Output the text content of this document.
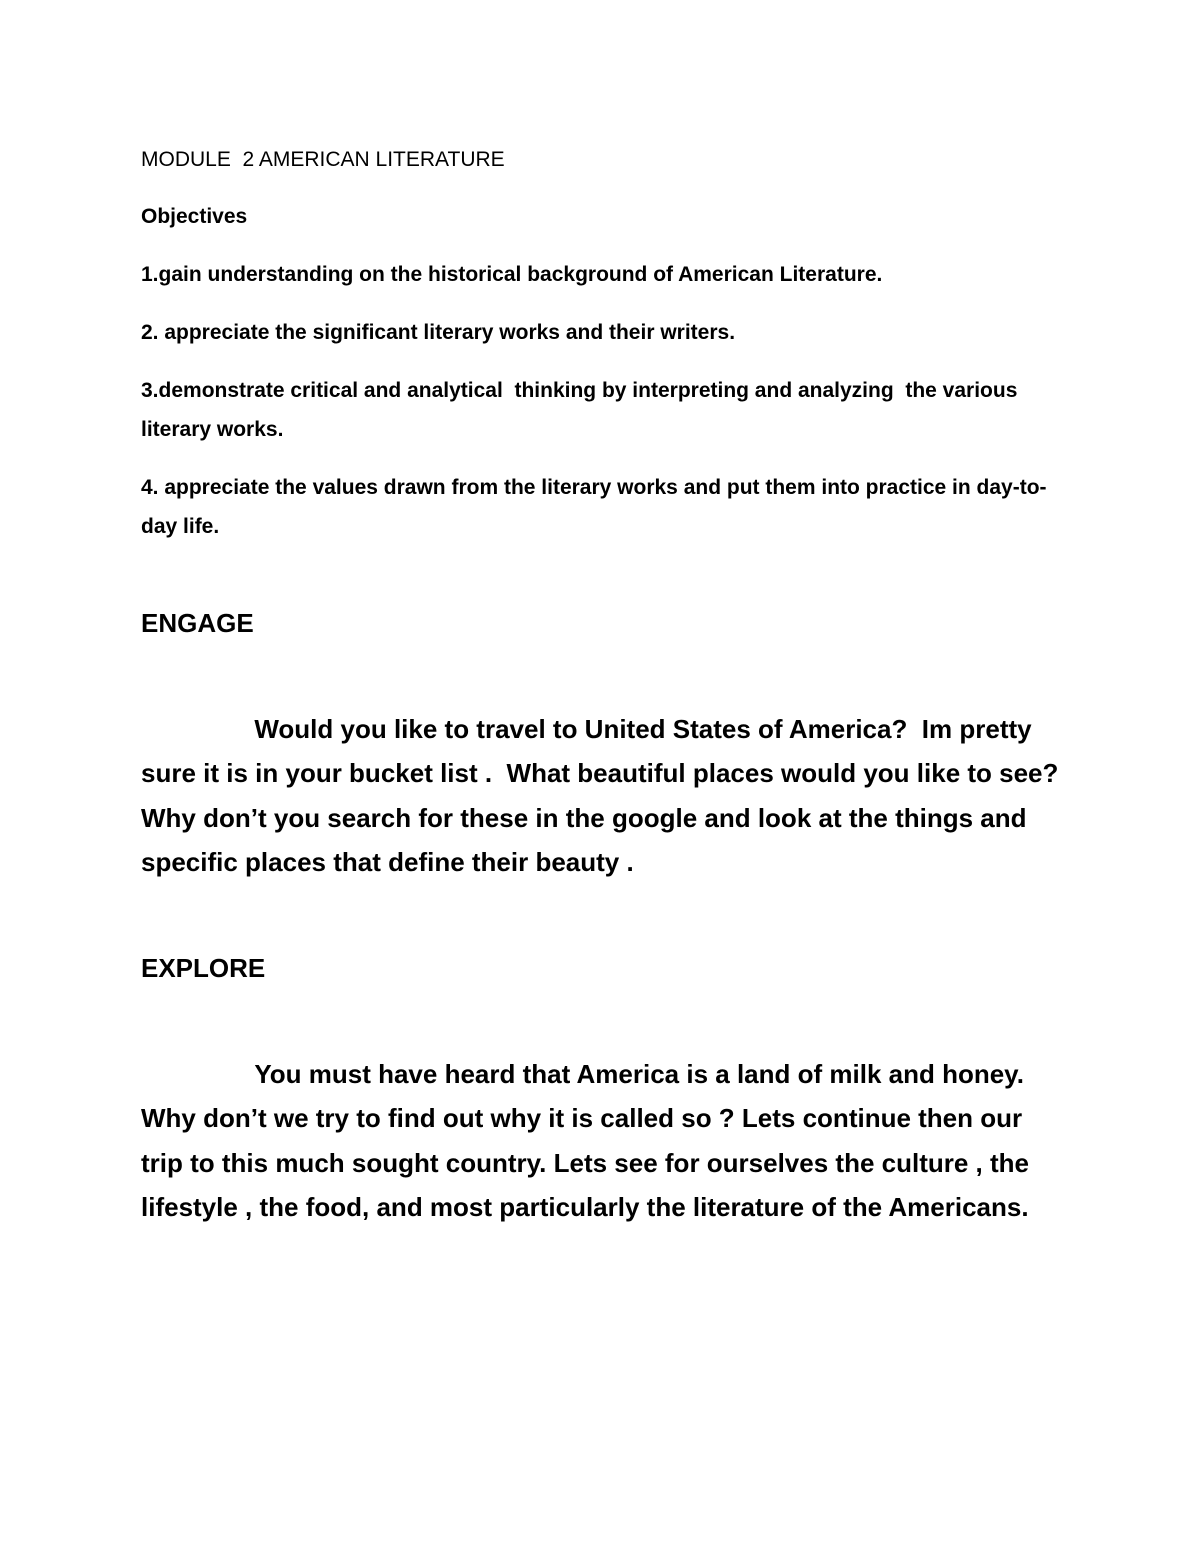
MODULE  2 AMERICAN LITERATURE

Objectives

1.gain understanding on the historical background of American Literature.

2. appreciate the significant literary works and their writers.

3.demonstrate critical and analytical  thinking by interpreting and analyzing  the various literary works.

4. appreciate the values drawn from the literary works and put them into practice in day-to-day life.

ENGAGE

Would you like to travel to United States of America?  Im pretty sure it is in your bucket list .  What beautiful places would you like to see? Why don’t you search for these in the google and look at the things and specific places that define their beauty .

EXPLORE

You must have heard that America is a land of milk and honey. Why don’t we try to find out why it is called so ? Lets continue then our trip to this much sought country. Lets see for ourselves the culture , the lifestyle , the food, and most particularly the literature of the Americans.
